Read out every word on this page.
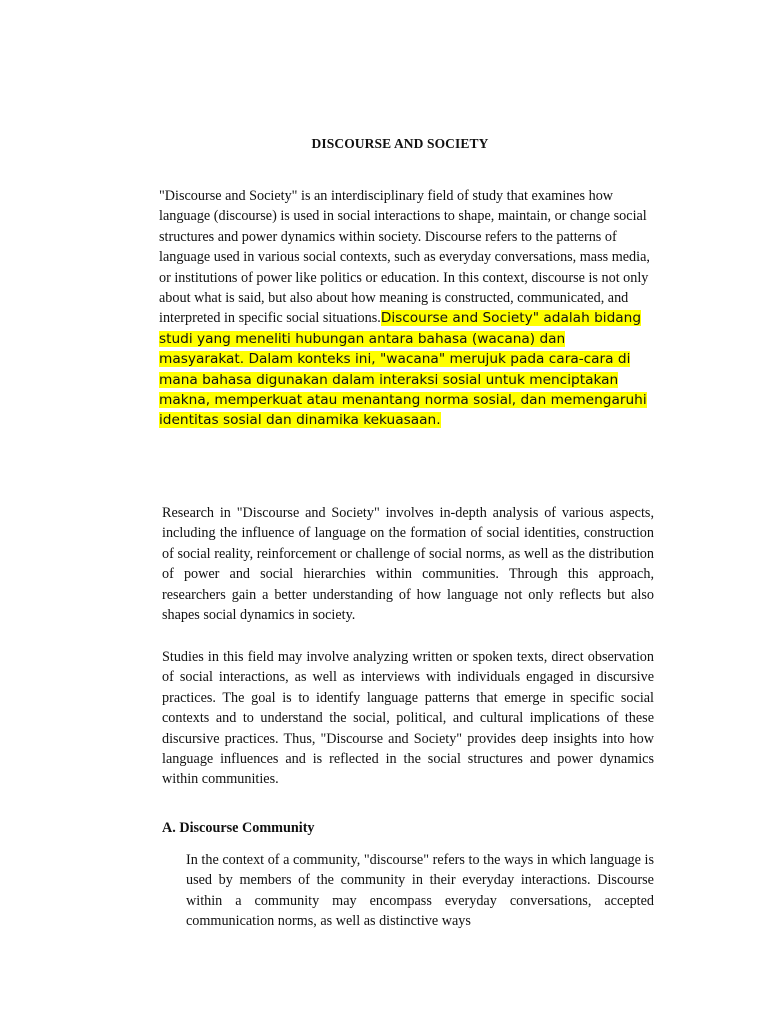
DISCOURSE AND SOCIETY

"Discourse and Society" is an interdisciplinary field of study that examines how language (discourse) is used in social interactions to shape, maintain, or change social structures and power dynamics within society. Discourse refers to the patterns of language used in various social contexts, such as everyday conversations, mass media, or institutions of power like politics or education. In this context, discourse is not only about what is said, but also about how meaning is constructed, communicated, and interpreted in specific social situations.Discourse and Society" adalah bidang studi yang meneliti hubungan antara bahasa (wacana) dan masyarakat. Dalam konteks ini, "wacana" merujuk pada cara-cara di mana bahasa digunakan dalam interaksi sosial untuk menciptakan makna, memperkuat atau menantang norma sosial, dan memengaruhi identitas sosial dan dinamika kekuasaan.

Research in "Discourse and Society" involves in-depth analysis of various aspects, including the influence of language on the formation of social identities, construction of social reality, reinforcement or challenge of social norms, as well as the distribution of power and social hierarchies within communities. Through this approach, researchers gain a better understanding of how language not only reflects but also shapes social dynamics in society.

Studies in this field may involve analyzing written or spoken texts, direct observation of social interactions, as well as interviews with individuals engaged in discursive practices. The goal is to identify language patterns that emerge in specific social contexts and to understand the social, political, and cultural implications of these discursive practices. Thus, "Discourse and Society" provides deep insights into how language influences and is reflected in the social structures and power dynamics within communities.

A. Discourse Community

In the context of a community, "discourse" refers to the ways in which language is used by members of the community in their everyday interactions. Discourse within a community may encompass everyday conversations, accepted communication norms, as well as distinctive ways
